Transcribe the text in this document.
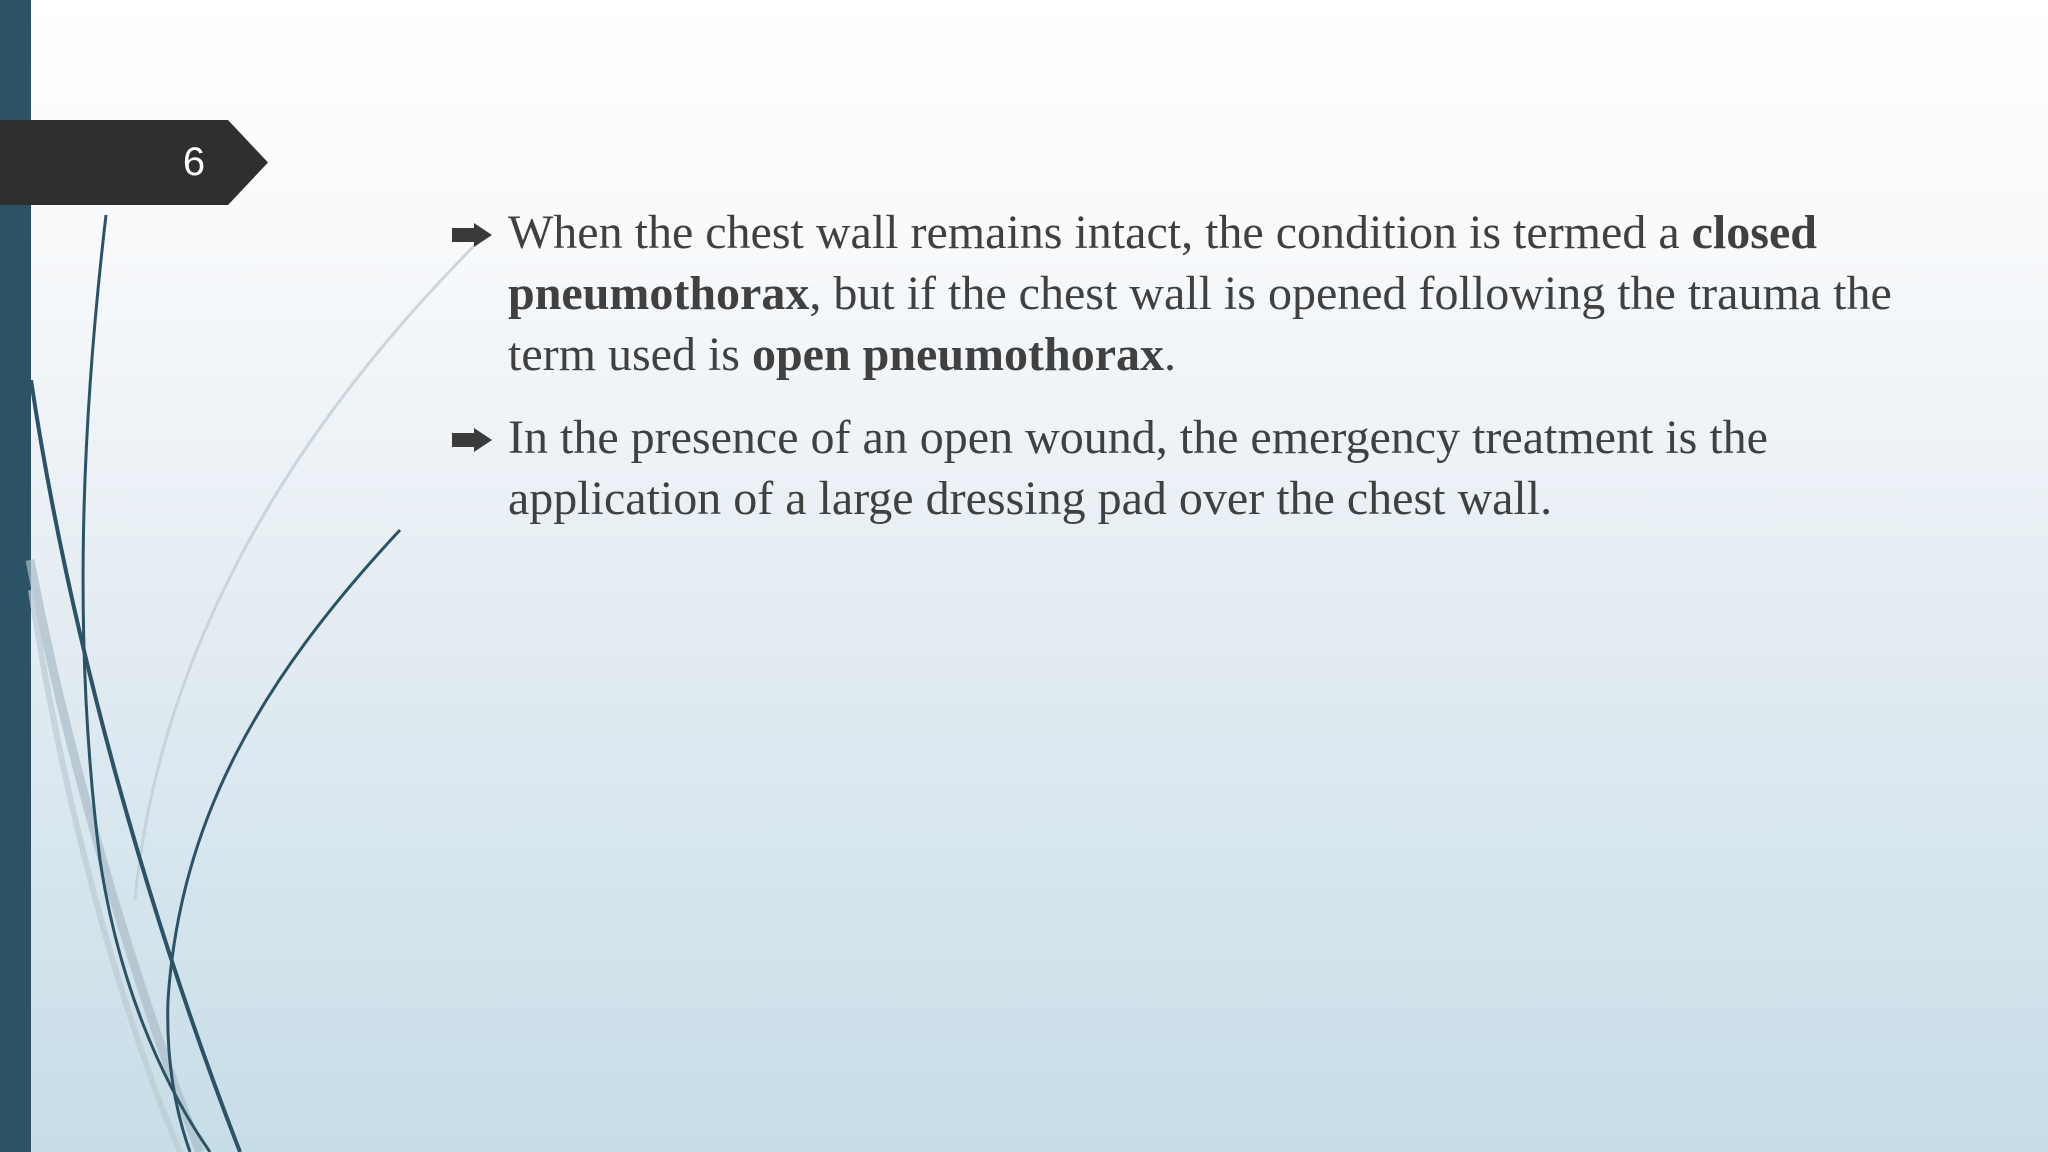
6
When the chest wall remains intact, the condition is termed a closed pneumothorax, but if the chest wall is opened following the trauma the term used is open pneumothorax.
In the presence of an open wound, the emergency treatment is the application of a large dressing pad over the chest wall.
